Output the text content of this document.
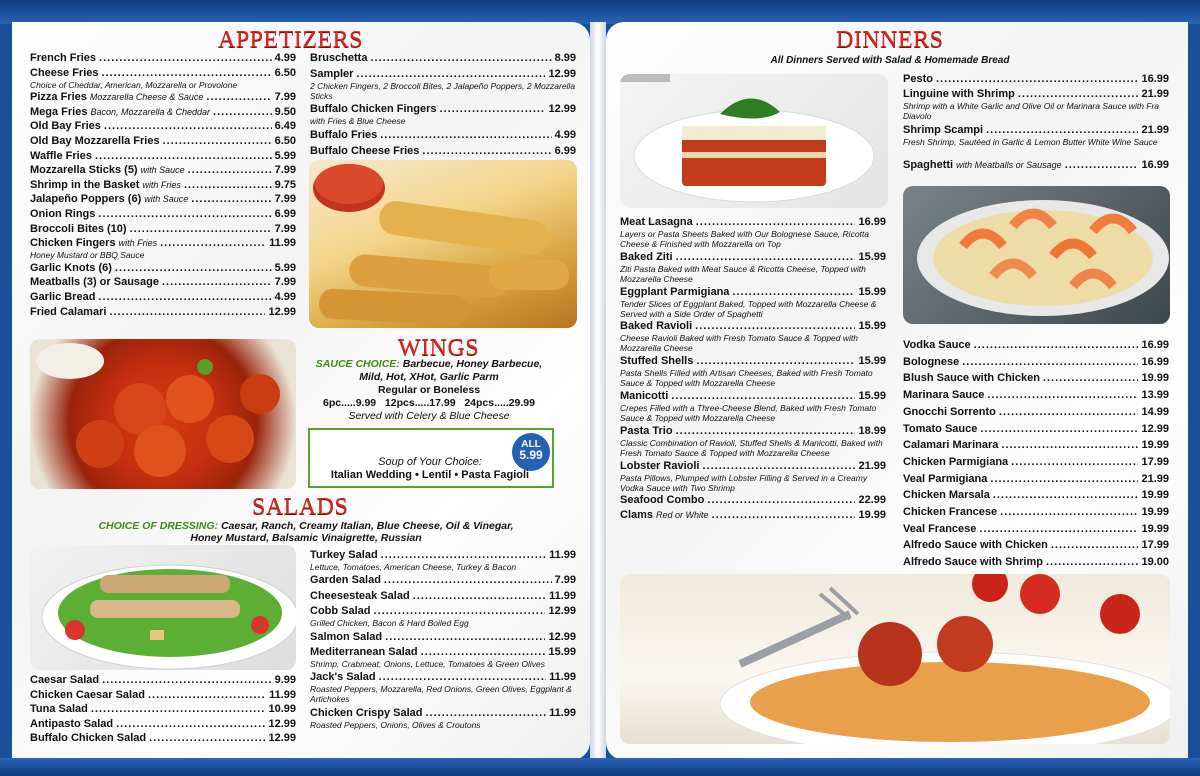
APPETIZERS
WINGS
SALADS
DINNERS
All Dinners Served with Salad & Homemade Bread
French Fries .....	4.99
Cheese Fries .....	6.50
Choice of Cheddar, American, Mozzarella or Provolone
Pizza Fries Mozzarella Cheese & Sauce .....	7.99
Mega Fries Bacon, Mozzarella & Cheddar .....	9.50
Old Bay Fries .....	6.49
Old Bay Mozzarella Fries .....	6.50
Waffle Fries .....	5.99
Mozzarella Sticks (5) with Sauce .....	7.99
Shrimp in the Basket with Fries .....	9.75
Jalapeño Poppers (6) with Sauce .....	7.99
Onion Rings .....	6.99
Broccoli Bites (10) .....	7.99
Chicken Fingers with Fries .....	11.99
Honey Mustard or BBQ Sauce
Garlic Knots (6) .....	5.99
Meatballs (3) or Sausage .....	7.99
Garlic Bread .....	4.99
Fried Calamari .....	12.99
Bruschetta .....	8.99
Sampler .....	12.99
2 Chicken Fingers, 2 Broccoli Bites, 2 Jalapeño Poppers, 2 Mozzarella Sticks
Buffalo Chicken Fingers .....	12.99
with Fries & Blue Cheese
Buffalo Fries .....	4.99
Buffalo Cheese Fries .....	6.99
Caesar Salad .....	9.99
Chicken Caesar Salad .....	11.99
Tuna Salad .....	10.99
Antipasto Salad .....	12.99
Buffalo Chicken Salad .....	12.99
Turkey Salad .....	11.99
Lettuce, Tomatoes, American Cheese, Turkey & Bacon
Garden Salad .....	7.99
Cheesesteak Salad .....	11.99
Cobb Salad .....	12.99
Grilled Chicken, Bacon & Hard Boiled Egg
Salmon Salad .....	12.99
Mediterranean Salad .....	15.99
Shrimp, Crabmeat, Onions, Lettuce, Tomatoes & Green Olives
Jack's Salad .....	11.99
Roasted Peppers, Mozzarella, Red Onions, Green Olives, Eggplant & Artichokes
Chicken Crispy Salad .....	11.99
Roasted Peppers, Onions, Olives & Croutons
Meat Lasagna .....	16.99
Layers or Pasta Sheets Baked with Our Bolognese Sauce, Ricotta Cheese & Finished with Mozzarella on Top
Baked Ziti .....	15.99
Ziti Pasta Baked with Meat Sauce & Ricotta Cheese, Topped with Mozzarella Cheese
Eggplant Parmigiana .....	15.99
Tender Slices of Eggplant Baked, Topped with Mozzarella Cheese & Served with a Side Order of Spaghetti
Baked Ravioli .....	15.99
Cheese Ravioli Baked with Fresh Tomato Sauce & Topped with Mozzarella Cheese
Stuffed Shells .....	15.99
Pasta Shells Filled with Artisan Cheeses, Baked with Fresh Tomato Sauce & Topped with Mozzarella Cheese
Manicotti .....	15.99
Crepes Filled with a Three-Cheese Blend, Baked with Fresh Tomato Sauce & Topped with Mozzarella Cheese
Pasta Trio .....	18.99
Classic Combination of Ravioli, Stuffed Shells & Manicotti, Baked with Fresh Tomato Sauce & Topped with Mozzarella Cheese
Lobster Ravioli .....	21.99
Pasta Pillows, Plumped with Lobster Filling & Served in a Creamy Vodka Sauce with Two Shrimp
Seafood Combo .....	22.99
Clams Red or White .....	19.99
Pesto .....	16.99
Linguine with Shrimp .....	21.99
Shrimp with a White Garlic and Olive Oil or Marinara Sauce with Fra Diavolo
Shrimp Scampi .....	21.99
Fresh Shrimp, Sautéed in Garlic & Lemon Butter White Wine Sauce
Spaghetti with Meatballs or Sausage .....	16.99
Vodka Sauce .....	16.99
Bolognese .....	16.99
Blush Sauce with Chicken .....	19.99
Marinara Sauce .....	13.99
Gnocchi Sorrento .....	14.99
Tomato Sauce .....	12.99
Calamari Marinara .....	19.99
Chicken Parmigiana .....	17.99
Veal Parmigiana .....	21.99
Chicken Marsala .....	19.99
Chicken Francese .....	19.99
Veal Francese .....	19.99
Alfredo Sauce with Chicken .....	17.99
Alfredo Sauce with Shrimp .....	19.00
SAUCE CHOICE: Barbecue, Honey Barbecue,
Mild, Hot, XHot, Garlic Parm
Regular or Boneless
6pc.....9.99 12pcs.....17.99 24pcs.....29.99
Served with Celery & Blue Cheese
ALL
5.99
Soup of Your Choice:
Italian Wedding • Lentil • Pasta Fagioli
CHOICE OF DRESSING: Caesar, Ranch, Creamy Italian, Blue Cheese, Oil & Vinegar,
Honey Mustard, Balsamic Vinaigrette, Russian
